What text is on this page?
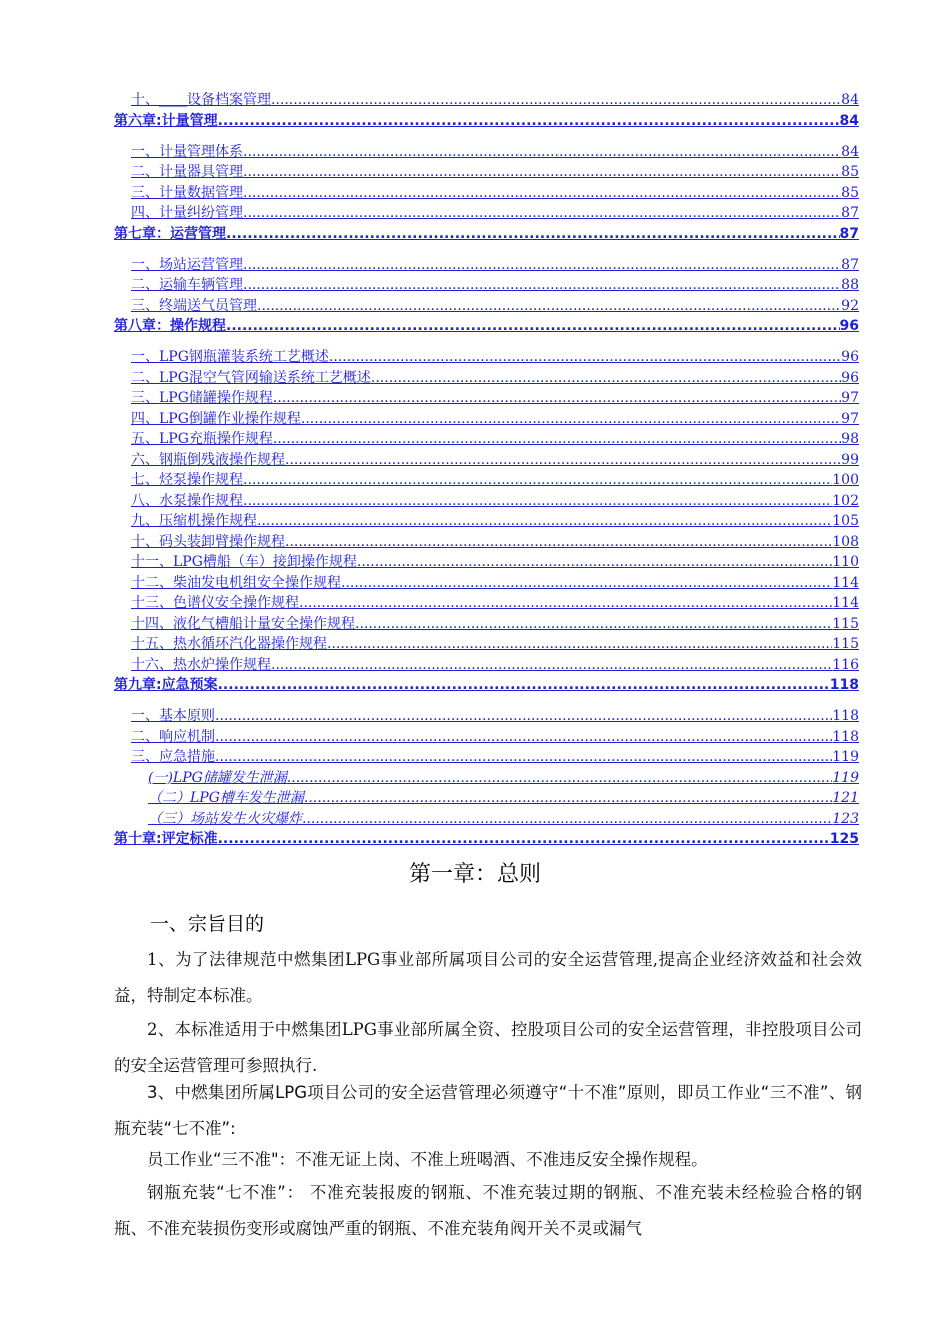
十、____设备档案管理 .....	84
第六章:计量管理 .....	84
一、计量管理体系 .....	84
二、计量器具管理 .....	85
三、计量数据管理 .....	85
四、计量纠纷管理 .....	87
第七章：运营管理 .....	87
一、场站运营管理 .....	87
二、运输车辆管理 .....	88
三、终端送气员管理 .....	92
第八章：操作规程 .....	96
一、LPG钢瓶灌装系统工艺概述 .....	96
二、LPG混空气管网输送系统工艺概述 .....	96
三、LPG储罐操作规程 .....	97
四、LPG倒罐作业操作规程 .....	97
五、LPG充瓶操作规程 .....	98
六、钢瓶倒残液操作规程 .....	99
七、烃泵操作规程 .....	100
八、水泵操作规程 .....	102
九、压缩机操作规程 .....	105
十、码头装卸臂操作规程 .....	108
十一、LPG槽船（车）接卸操作规程 .....	110
十二、柴油发电机组安全操作规程 .....	114
十三、色谱仪安全操作规程 .....	114
十四、液化气槽船计量安全操作规程 .....	115
十五、热水循环汽化器操作规程 .....	115
十六、热水炉操作规程 .....	116
第九章:应急预案 .....	118
一、基本原则 .....	118
二、响应机制 .....	118
三、应急措施 .....	119
(一)LPG储罐发生泄漏 .....	119
（二）LPG槽车发生泄漏 .....	121
（三）场站发生火灾爆炸 .....	123
第十章:评定标准 .....	125
第一章：总则
一、宗旨目的

1、为了法律规范中燃集团LPG事业部所属项目公司的安全运营管理,提高企业经济效益和社会效益，特制定本标准。

2、本标准适用于中燃集团LPG事业部所属全资、控股项目公司的安全运营管理，非控股项目公司的安全运营管理可参照执行.

3、中燃集团所属LPG项目公司的安全运营管理必须遵守“十不准”原则，即员工作业“三不准”、钢瓶充装“七不准”:

员工作业“三不准"：不准无证上岗、不准上班喝酒、不准违反安全操作规程。

钢瓶充装“七不准”： 不准充装报废的钢瓶、不准充装过期的钢瓶、不准充装未经检验合格的钢瓶、不准充装损伤变形或腐蚀严重的钢瓶、不准充装角阀开关不灵或漏气
